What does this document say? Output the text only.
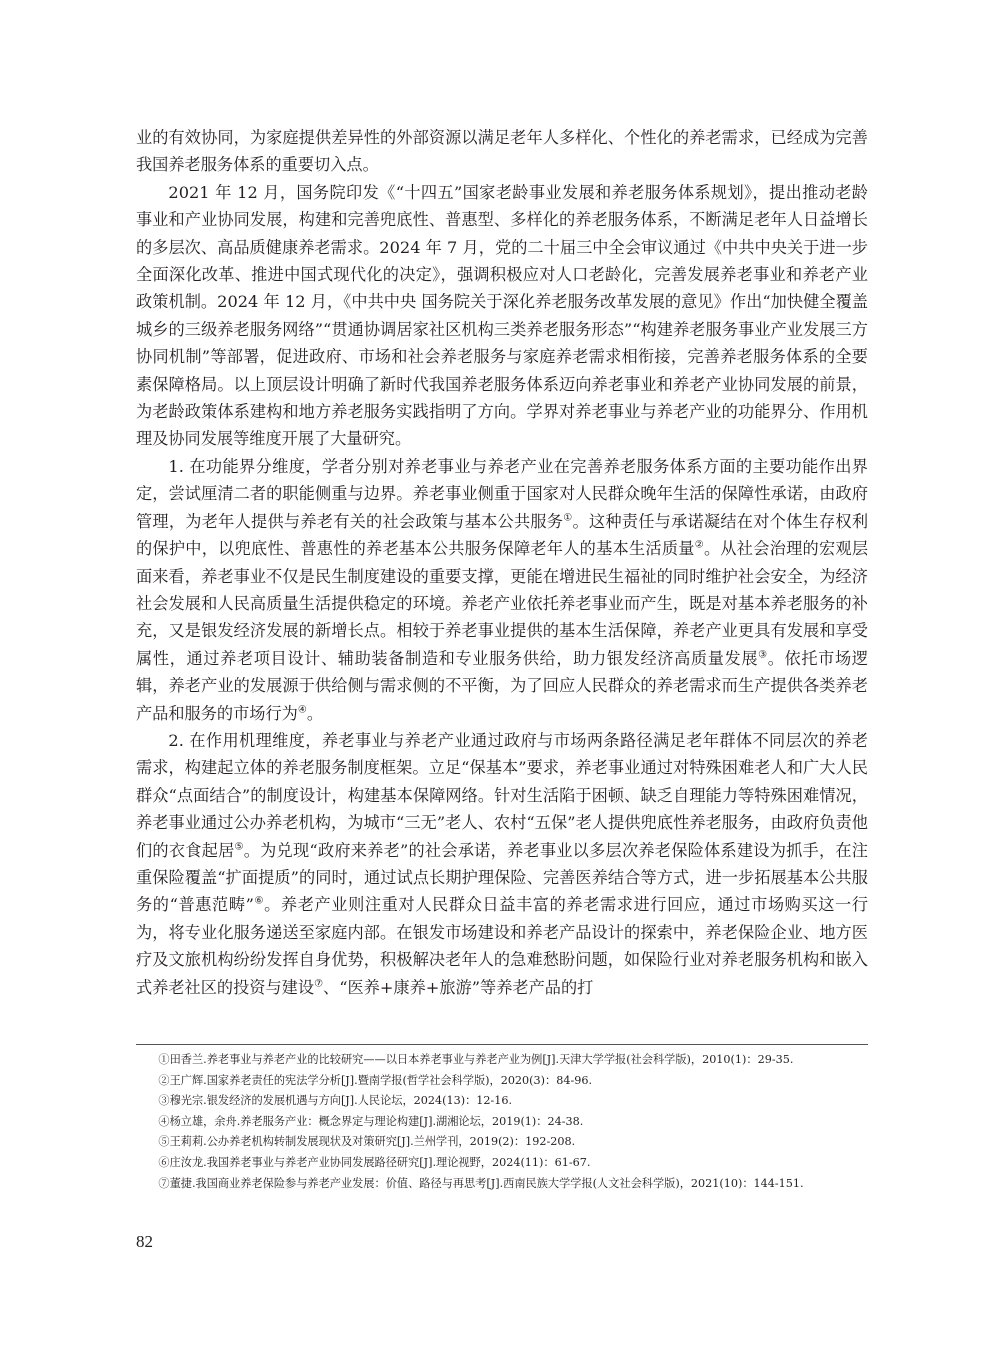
业的有效协同，为家庭提供差异性的外部资源以满足老年人多样化、个性化的养老需求，已经成为完善我国养老服务体系的重要切入点。

2021 年 12 月，国务院印发《“十四五”国家老龄事业发展和养老服务体系规划》，提出推动老龄事业和产业协同发展，构建和完善兜底性、普惠型、多样化的养老服务体系，不断满足老年人日益增长的多层次、高品质健康养老需求。2024 年 7 月，党的二十届三中全会审议通过《中共中央关于进一步全面深化改革、推进中国式现代化的决定》，强调积极应对人口老龄化，完善发展养老事业和养老产业政策机制。2024 年 12 月，《中共中央 国务院关于深化养老服务改革发展的意见》作出“加快健全覆盖城乡的三级养老服务网络”“贯通协调居家社区机构三类养老服务形态”“构建养老服务事业产业发展三方协同机制”等部署，促进政府、市场和社会养老服务与家庭养老需求相衔接，完善养老服务体系的全要素保障格局。以上顶层设计明确了新时代我国养老服务体系迈向养老事业和养老产业协同发展的前景，为老龄政策体系建构和地方养老服务实践指明了方向。学界对养老事业与养老产业的功能界分、作用机理及协同发展等维度开展了大量研究。

1. 在功能界分维度，学者分别对养老事业与养老产业在完善养老服务体系方面的主要功能作出界定，尝试厘清二者的职能侧重与边界。养老事业侧重于国家对人民群众晚年生活的保障性承诺，由政府管理，为老年人提供与养老有关的社会政策与基本公共服务①。这种责任与承诺凝结在对个体生存权利的保护中，以兜底性、普惠性的养老基本公共服务保障老年人的基本生活质量②。从社会治理的宏观层面来看，养老事业不仅是民生制度建设的重要支撑，更能在增进民生福祉的同时维护社会安全，为经济社会发展和人民高质量生活提供稳定的环境。养老产业依托养老事业而产生，既是对基本养老服务的补充，又是银发经济发展的新增长点。相较于养老事业提供的基本生活保障，养老产业更具有发展和享受属性，通过养老项目设计、辅助装备制造和专业服务供给，助力银发经济高质量发展③。依托市场逻辑，养老产业的发展源于供给侧与需求侧的不平衡，为了回应人民群众的养老需求而生产提供各类养老产品和服务的市场行为④。

2. 在作用机理维度，养老事业与养老产业通过政府与市场两条路径满足老年群体不同层次的养老需求，构建起立体的养老服务制度框架。立足“保基本”要求，养老事业通过对特殊困难老人和广大人民群众“点面结合”的制度设计，构建基本保障网络。针对生活陷于困顿、缺乏自理能力等特殊困难情况，养老事业通过公办养老机构，为城市“三无”老人、农村“五保”老人提供兜底性养老服务，由政府负责他们的衣食起居⑤。为兑现“政府来养老”的社会承诺，养老事业以多层次养老保险体系建设为抓手，在注重保险覆盖“扩面提质”的同时，通过试点长期护理保险、完善医养结合等方式，进一步拓展基本公共服务的“普惠范畴”⑥。养老产业则注重对人民群众日益丰富的养老需求进行回应，通过市场购买这一行为，将专业化服务递送至家庭内部。在银发市场建设和养老产品设计的探索中，养老保险企业、地方医疗及文旅机构纷纷发挥自身优势，积极解决老年人的急难愁盼问题，如保险行业对养老服务机构和嵌入式养老社区的投资与建设⑦、“医养+康养+旅游”等养老产品的打

①田香兰.养老事业与养老产业的比较研究——以日本养老事业与养老产业为例[J].天津大学学报(社会科学版)，2010(1)：29-35.

②王广辉.国家养老责任的宪法学分析[J].暨南学报(哲学社会科学版)，2020(3)：84-96.

③穆光宗.银发经济的发展机遇与方向[J].人民论坛，2024(13)：12-16.

④杨立雄，余舟.养老服务产业：概念界定与理论构建[J].湖湘论坛，2019(1)：24-38.

⑤王莉莉.公办养老机构转制发展现状及对策研究[J].兰州学刊，2019(2)：192-208.

⑥庄汝龙.我国养老事业与养老产业协同发展路径研究[J].理论视野，2024(11)：61-67.

⑦董捷.我国商业养老保险参与养老产业发展：价值、路径与再思考[J].西南民族大学学报(人文社会科学版)，2021(10)：144-151.

82
